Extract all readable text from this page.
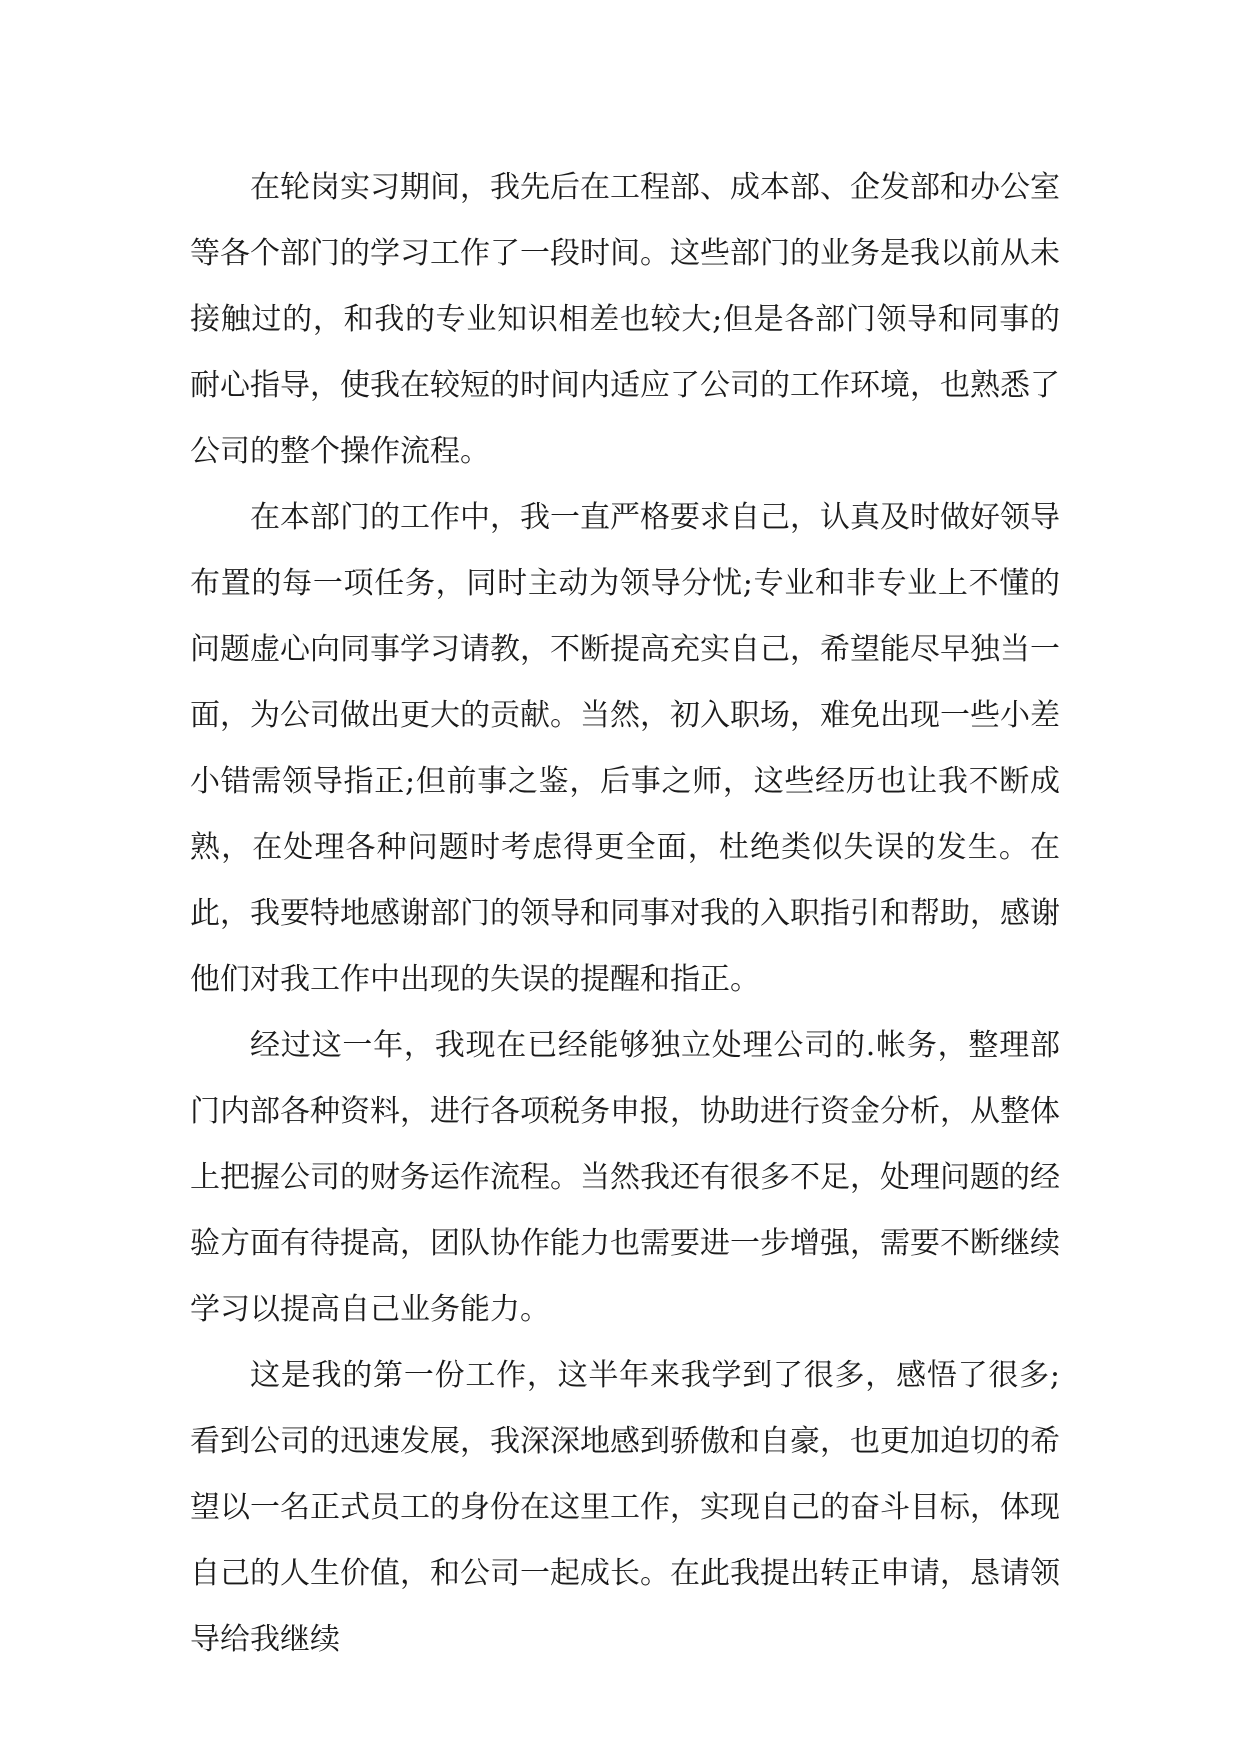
在轮岗实习期间，我先后在工程部、成本部、企发部和办公室等各个部门的学习工作了一段时间。这些部门的业务是我以前从未接触过的，和我的专业知识相差也较大;但是各部门领导和同事的耐心指导，使我在较短的时间内适应了公司的工作环境，也熟悉了公司的整个操作流程。

在本部门的工作中，我一直严格要求自己，认真及时做好领导布置的每一项任务，同时主动为领导分忧;专业和非专业上不懂的问题虚心向同事学习请教，不断提高充实自己，希望能尽早独当一面，为公司做出更大的贡献。当然，初入职场，难免出现一些小差小错需领导指正;但前事之鉴，后事之师，这些经历也让我不断成熟，在处理各种问题时考虑得更全面，杜绝类似失误的发生。在此，我要特地感谢部门的领导和同事对我的入职指引和帮助，感谢他们对我工作中出现的失误的提醒和指正。

经过这一年，我现在已经能够独立处理公司的.帐务，整理部门内部各种资料，进行各项税务申报，协助进行资金分析，从整体上把握公司的财务运作流程。当然我还有很多不足，处理问题的经验方面有待提高，团队协作能力也需要进一步增强，需要不断继续学习以提高自己业务能力。

这是我的第一份工作，这半年来我学到了很多，感悟了很多;看到公司的迅速发展，我深深地感到骄傲和自豪，也更加迫切的希望以一名正式员工的身份在这里工作，实现自己的奋斗目标，体现自己的人生价值，和公司一起成长。在此我提出转正申请，恳请领导给我继续
